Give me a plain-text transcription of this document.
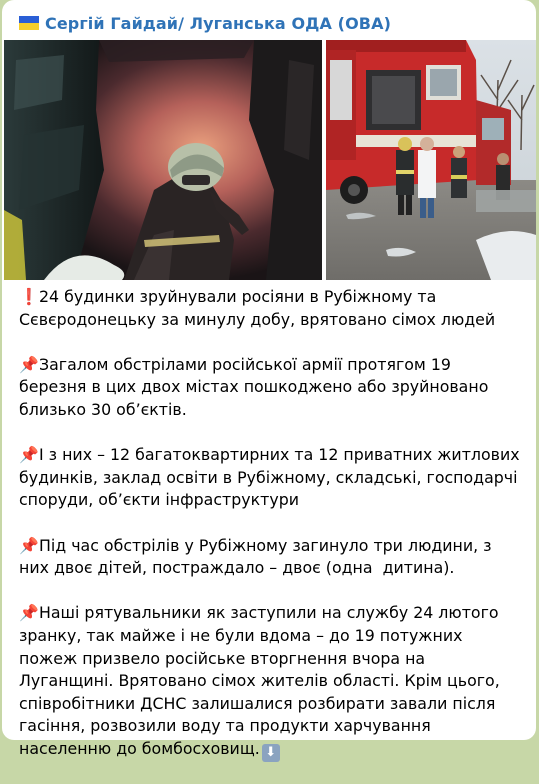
Сергій Гайдай/ Луганська ОДА (ОВА)

❗24 будинки зруйнували росіяни в Рубіжному та Сєвєродонецьку за минулу добу, врятовано сімох людей

📌Загалом обстрілами російської армії протягом 19 березня в цих двох містах пошкоджено або зруйновано близько 30 об’єктів.

📌І з них – 12 багатоквартирних та 12 приватних житлових будинків, заклад освіти в Рубіжному, складські, господарчі споруди, об’єкти інфраструктури

📌Під час обстрілів у Рубіжному загинуло три людини, з них двоє дітей, постраждало – двоє (одна  дитина).

📌Наші рятувальники як заступили на службу 24 лютого зранку, так майже і не були вдома – до 19 потужних пожеж призвело російське вторгнення вчора на Луганщині. Врятовано сімох жителів області. Крім цього, співробітники ДСНС залишалися розбирати завали після гасіння, розвозили воду та продукти харчування населенню до бомбосховищ. ⬇
